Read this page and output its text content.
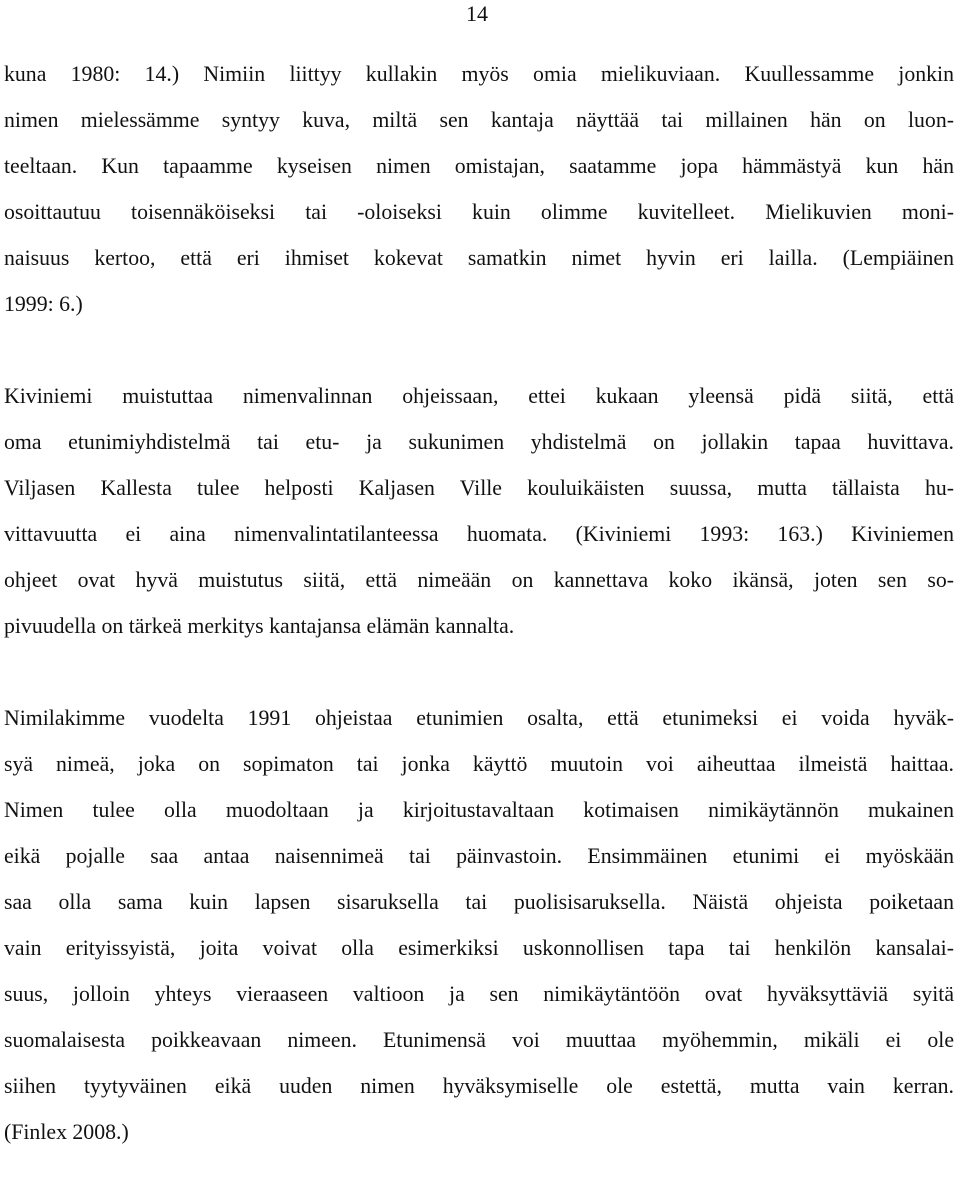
14
kuna 1980: 14.) Nimiin liittyy kullakin myös omia mielikuviaan. Kuullessamme jonkin
nimen mielessämme syntyy kuva, miltä sen kantaja näyttää tai millainen hän on luon-
teeltaan. Kun tapaamme kyseisen nimen omistajan, saatamme jopa hämmästyä kun hän
osoittautuu toisennäköiseksi tai -oloiseksi kuin olimme kuvitelleet. Mielikuvien moni-
naisuus kertoo, että eri ihmiset kokevat samatkin nimet hyvin eri lailla. (Lempiäinen
1999: 6.)
Kiviniemi muistuttaa nimenvalinnan ohjeissaan, ettei kukaan yleensä pidä siitä, että
oma etunimiyhdistelmä tai etu- ja sukunimen yhdistelmä on jollakin tapaa huvittava.
Viljasen Kallesta tulee helposti Kaljasen Ville kouluikäisten suussa, mutta tällaista hu-
vittavuutta ei aina nimenvalintatilanteessa huomata. (Kiviniemi 1993: 163.) Kiviniemen
ohjeet ovat hyvä muistutus siitä, että nimeään on kannettava koko ikänsä, joten sen so-
pivuudella on tärkeä merkitys kantajansa elämän kannalta.
Nimilakimme vuodelta 1991 ohjeistaa etunimien osalta, että etunimeksi ei voida hyväk-
syä nimeä, joka on sopimaton tai jonka käyttö muutoin voi aiheuttaa ilmeistä haittaa.
Nimen tulee olla muodoltaan ja kirjoitustavaltaan kotimaisen nimikäytännön mukainen
eikä pojalle saa antaa naisennimeä tai päinvastoin. Ensimmäinen etunimi ei myöskään
saa olla sama kuin lapsen sisaruksella tai puolisisaruksella. Näistä ohjeista poiketaan
vain erityissyistä, joita voivat olla esimerkiksi uskonnollisen tapa tai henkilön kansalai-
suus, jolloin yhteys vieraaseen valtioon ja sen nimikäytäntöön ovat hyväksyttäviä syitä
suomalaisesta poikkeavaan nimeen. Etunimensä voi muuttaa myöhemmin, mikäli ei ole
siihen tyytyväinen eikä uuden nimen hyväksymiselle ole estettä, mutta vain kerran.
(Finlex 2008.)
